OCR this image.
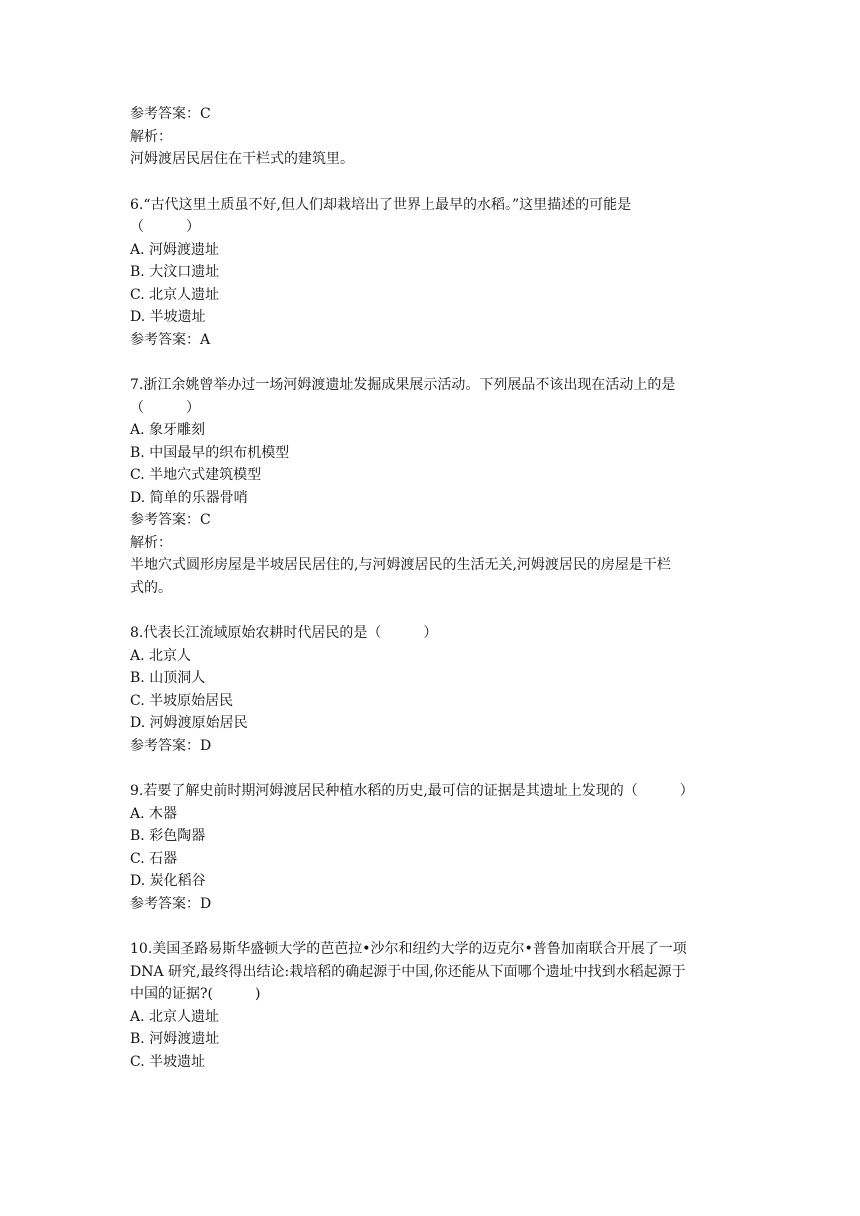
参考答案：C
解析：
河姆渡居民居住在干栏式的建筑里。
6.“古代这里土质虽不好,但人们却栽培出了世界上最早的水稻。”这里描述的可能是
（　　　）
A. 河姆渡遗址
B. 大汶口遗址
C. 北京人遗址
D. 半坡遗址
参考答案：A
7.浙江余姚曾举办过一场河姆渡遗址发掘成果展示活动。下列展品不该出现在活动上的是
（　　　）
A. 象牙雕刻
B. 中国最早的织布机模型
C. 半地穴式建筑模型
D. 简单的乐器骨哨
参考答案：C
解析：
半地穴式圆形房屋是半坡居民居住的,与河姆渡居民的生活无关,河姆渡居民的房屋是干栏
式的。
8.代表长江流域原始农耕时代居民的是（　　　）
A. 北京人
B. 山顶洞人
C. 半坡原始居民
D. 河姆渡原始居民
参考答案：D
9.若要了解史前时期河姆渡居民种植水稻的历史,最可信的证据是其遗址上发现的（　　　）
A. 木器
B. 彩色陶器
C. 石器
D. 炭化稻谷
参考答案：D
10.美国圣路易斯华盛顿大学的芭芭拉•沙尔和纽约大学的迈克尔•普鲁加南联合开展了一项
DNA 研究,最终得出结论:栽培稻的确起源于中国,你还能从下面哪个遗址中找到水稻起源于
中国的证据?(　　　)
A. 北京人遗址
B. 河姆渡遗址
C. 半坡遗址
